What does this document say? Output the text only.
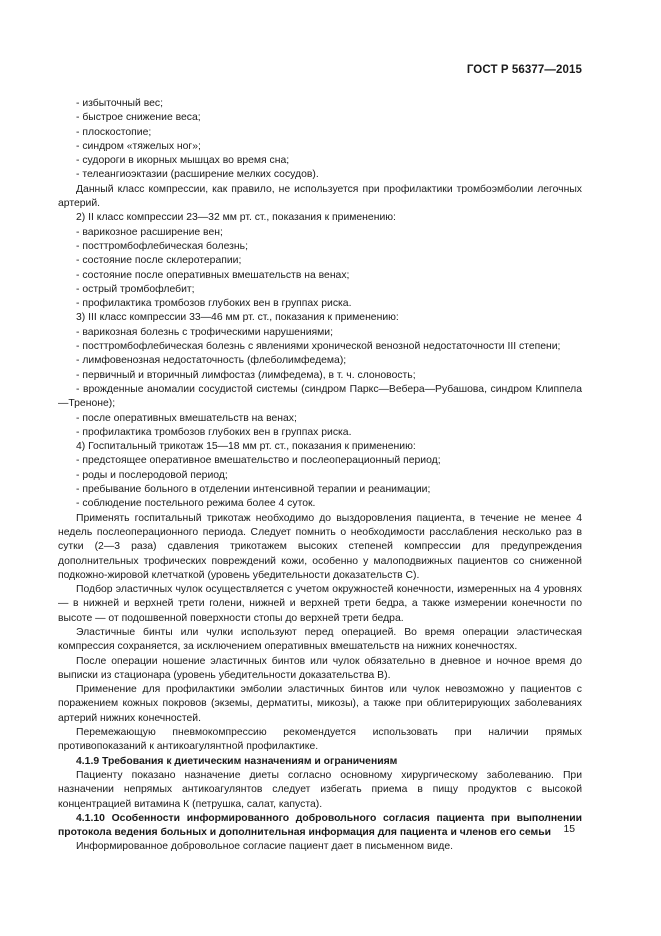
ГОСТ Р 56377—2015

- избыточный вес;

- быстрое снижение веса;

- плоскостопие;

- синдром «тяжелых ног»;

- судороги в икорных мышцах во время сна;

- телеангиоэктазии (расширение мелких сосудов).

Данный класс компрессии, как правило, не используется при профилактики тромбоэмболии легочных артерий.

2) II класс компрессии 23—32 мм рт. ст., показания к применению:

- варикозное расширение вен;

- посттромбофлебическая болезнь;

- состояние после склеротерапии;

- состояние после оперативных вмешательств на венах;

- острый тромбофлебит;

- профилактика тромбозов глубоких вен в группах риска.

3) III класс компрессии 33—46 мм рт. ст., показания к применению:

- варикозная болезнь с трофическими нарушениями;

- посттромбофлебическая болезнь с явлениями хронической венозной недостаточности III степени;

- лимфовенозная недостаточность (флеболимфедема);

- первичный и вторичный лимфостаз (лимфедема), в т. ч. слоновость;

- врожденные аномалии сосудистой системы (синдром Паркс—Вебера—Рубашова, синдром Клиппела—Треноне);

- после оперативных вмешательств на венах;

- профилактика тромбозов глубоких вен в группах риска.

4) Госпитальный трикотаж 15—18 мм рт. ст., показания к применению:

- предстоящее оперативное вмешательство и послеоперационный период;

- роды и послеродовой период;

- пребывание больного в отделении интенсивной терапии и реанимации;

- соблюдение постельного режима более 4 суток.

Применять госпитальный трикотаж необходимо до выздоровления пациента, в течение не менее 4 недель послеоперационного периода. Следует помнить о необходимости расслабления несколько раз в сутки (2—3 раза) сдавления трикотажем высоких степеней компрессии для предупреждения дополнительных трофических повреждений кожи, особенно у малоподвижных пациентов со сниженной подкожно-жировой клетчаткой (уровень убедительности доказательств С).

Подбор эластичных чулок осуществляется с учетом окружностей конечности, измеренных на 4 уровнях — в нижней и верхней трети голени, нижней и верхней трети бедра, а также измерении конечности по высоте — от подошвенной поверхности стопы до верхней трети бедра.

Эластичные бинты или чулки используют перед операцией. Во время операции эластическая компрессия сохраняется, за исключением оперативных вмешательств на нижних конечностях.

После операции ношение эластичных бинтов или чулок обязательно в дневное и ночное время до выписки из стационара (уровень убедительности доказательства В).

Применение для профилактики эмболии эластичных бинтов или чулок невозможно у пациентов с поражением кожных покровов (экземы, дерматиты, микозы), а также при облитерирующих заболеваниях артерий нижних конечностей.

Перемежающую пневмокомпрессию рекомендуется использовать при наличии прямых противопоказаний к антикоагулянтной профилактике.

4.1.9 Требования к диетическим назначениям и ограничениям

Пациенту показано назначение диеты согласно основному хирургическому заболеванию. При назначении непрямых антикоагулянтов следует избегать приема в пищу продуктов с высокой концентрацией витамина К (петрушка, салат, капуста).

4.1.10 Особенности информированного добровольного согласия пациента при выполнении протокола ведения больных и дополнительная информация для пациента и членов его семьи

Информированное добровольное согласие пациент дает в письменном виде.

15
